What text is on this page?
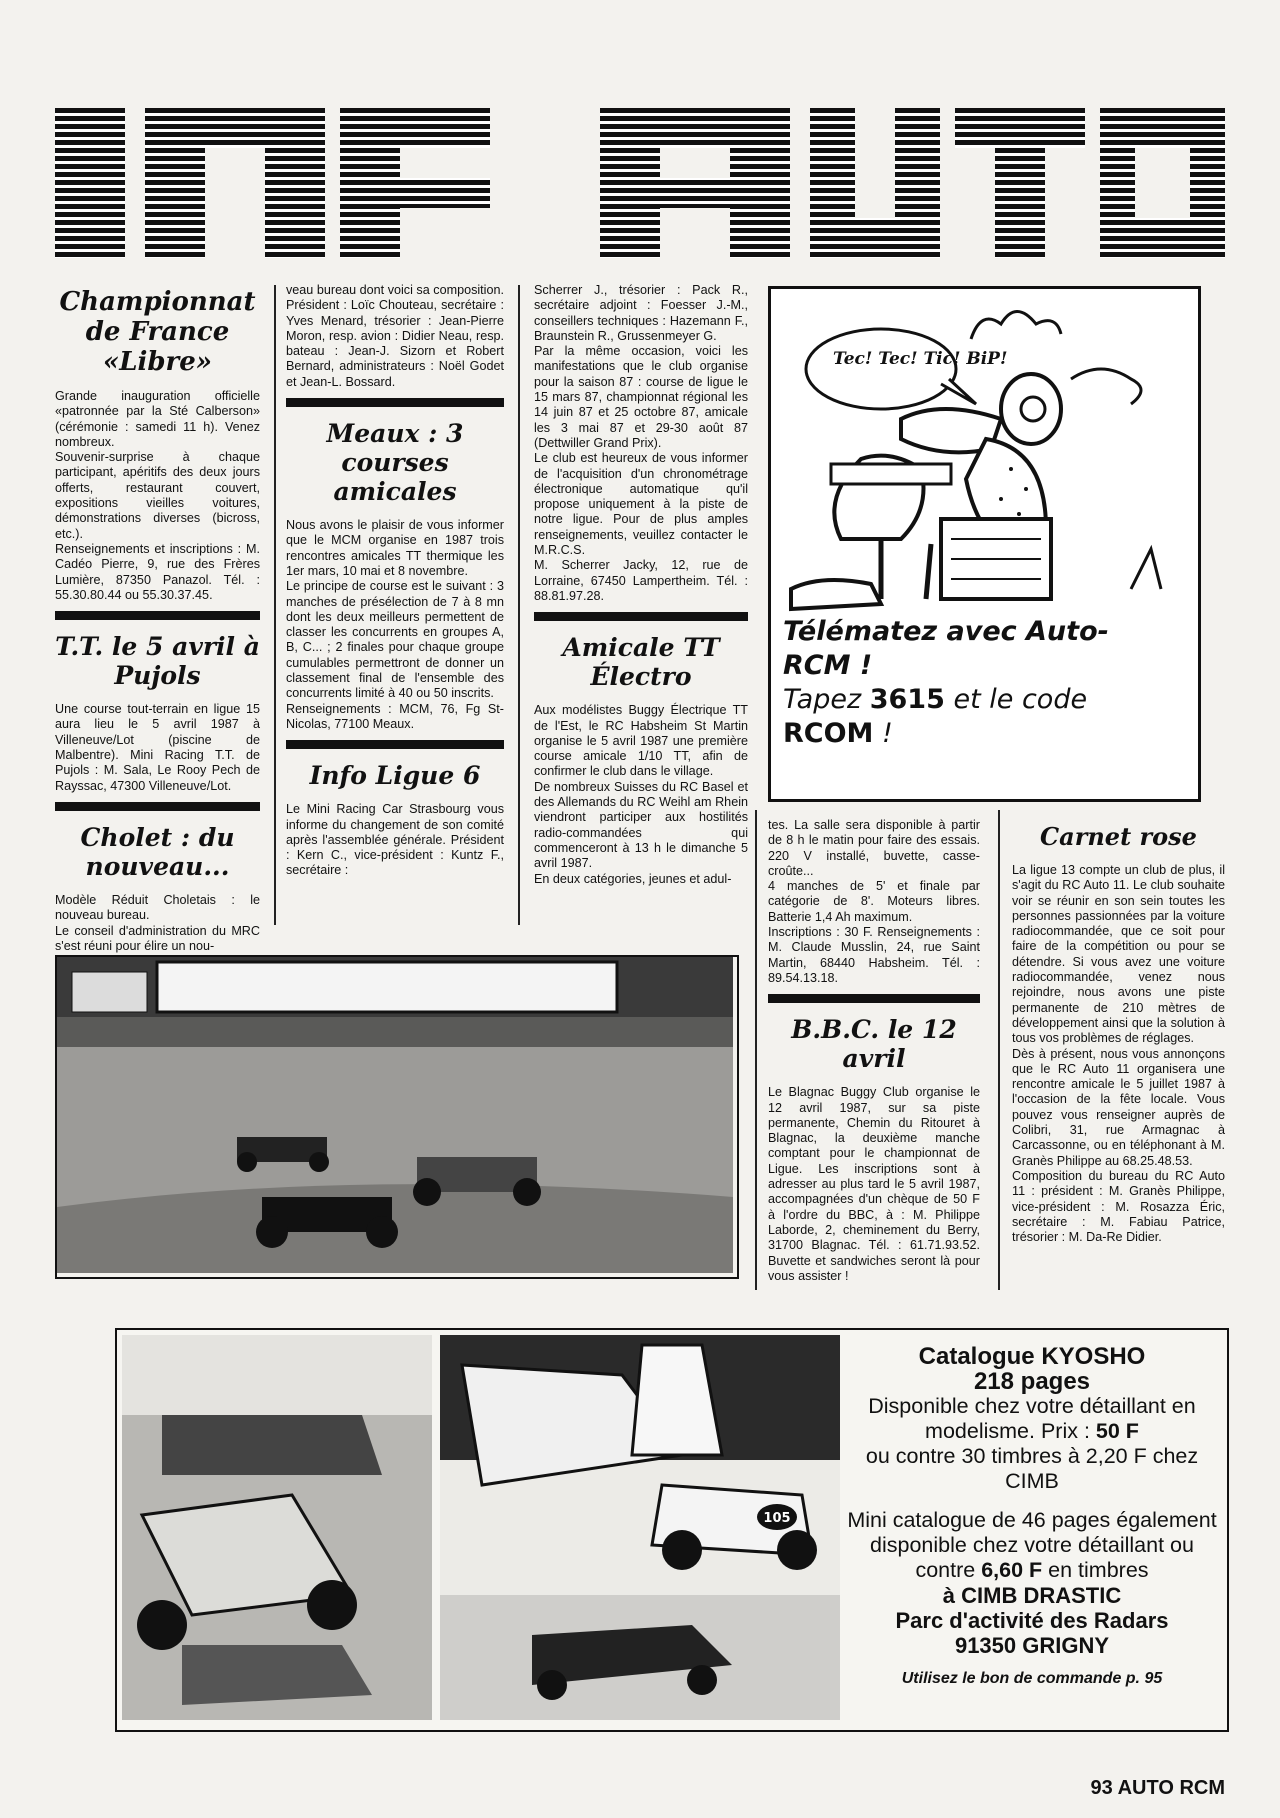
Championnat de France «Libre»

Grande inauguration officielle «patronnée par la Sté Calberson» (cérémonie : samedi 11 h). Venez nombreux.

Souvenir-surprise à chaque participant, apéritifs des deux jours offerts, restaurant couvert, expositions vieilles voitures, démonstrations diverses (bicross, etc.).

Renseignements et inscriptions : M. Cadéo Pierre, 9, rue des Frères Lumière, 87350 Panazol. Tél. : 55.30.80.44 ou 55.30.37.45.

T.T. le 5 avril à Pujols

Une course tout-terrain en ligue 15 aura lieu le 5 avril 1987 à Villeneuve/Lot (piscine de Malbentre). Mini Racing T.T. de Pujols : M. Sala, Le Rooy Pech de Rayssac, 47300 Villeneuve/Lot.

Cholet : du nouveau...

Modèle Réduit Choletais : le nouveau bureau.

Le conseil d'administration du MRC s'est réuni pour élire un nou-

veau bureau dont voici sa composition. Président : Loïc Chouteau, secrétaire : Yves Menard, trésorier : Jean-Pierre Moron, resp. avion : Didier Neau, resp. bateau : Jean-J. Sizorn et Robert Bernard, administrateurs : Noël Godet et Jean-L. Bossard.

Meaux : 3 courses amicales

Nous avons le plaisir de vous informer que le MCM organise en 1987 trois rencontres amicales TT thermique les 1er mars, 10 mai et 8 novembre.

Le principe de course est le suivant : 3 manches de présélection de 7 à 8 mn dont les deux meilleurs permettent de classer les concurrents en groupes A, B, C... ; 2 finales pour chaque groupe cumulables permettront de donner un classement final de l'ensemble des concurrents limité à 40 ou 50 inscrits.

Renseignements : MCM, 76, Fg St-Nicolas, 77100 Meaux.

Info Ligue 6

Le Mini Racing Car Strasbourg vous informe du changement de son comité après l'assemblée générale. Président : Kern C., vice-président : Kuntz F., secrétaire :

Scherrer J., trésorier : Pack R., secrétaire adjoint : Foesser J.-M., conseillers techniques : Hazemann F., Braunstein R., Grussenmeyer G.

Par la même occasion, voici les manifestations que le club organise pour la saison 87 : course de ligue le 15 mars 87, championnat régional les 14 juin 87 et 25 octobre 87, amicale les 3 mai 87 et 29-30 août 87 (Dettwiller Grand Prix).

Le club est heureux de vous informer de l'acquisition d'un chronométrage électronique automatique qu'il propose uniquement à la piste de notre ligue. Pour de plus amples renseignements, veuillez contacter le M.R.C.S.

M. Scherrer Jacky, 12, rue de Lorraine, 67450 Lampertheim. Tél. : 88.81.97.28.

Amicale TT Électro

Aux modélistes Buggy Électrique TT de l'Est, le RC Habsheim St Martin organise le 5 avril 1987 une première course amicale 1/10 TT, afin de confirmer le club dans le village.

De nombreux Suisses du RC Basel et des Allemands du RC Weihl am Rhein viendront participer aux hostilités radio-commandées qui commenceront à 13 h le dimanche 5 avril 1987.

En deux catégories, jeunes et adul-

Tec! Tec! Tic! BiP!
Télématez avec Auto-
RCM !
Tapez 3615 et le code
RCOM !

tes. La salle sera disponible à partir de 8 h le matin pour faire des essais. 220 V installé, buvette, casse-croûte...

4 manches de 5' et finale par catégorie de 8'. Moteurs libres. Batterie 1,4 Ah maximum.

Inscriptions : 30 F. Renseignements : M. Claude Musslin, 24, rue Saint Martin, 68440 Habsheim. Tél. : 89.54.13.18.

B.B.C. le 12 avril

Le Blagnac Buggy Club organise le 12 avril 1987, sur sa piste permanente, Chemin du Ritouret à Blagnac, la deuxième manche comptant pour le championnat de Ligue. Les inscriptions sont à adresser au plus tard le 5 avril 1987, accompagnées d'un chèque de 50 F à l'ordre du BBC, à : M. Philippe Laborde, 2, cheminement du Berry, 31700 Blagnac. Tél. : 61.71.93.52. Buvette et sandwiches seront là pour vous assister !

Carnet rose

La ligue 13 compte un club de plus, il s'agit du RC Auto 11. Le club souhaite voir se réunir en son sein toutes les personnes passionnées par la voiture radiocommandée, que ce soit pour faire de la compétition ou pour se détendre. Si vous avez une voiture radiocommandée, venez nous rejoindre, nous avons une piste permanente de 210 mètres de développement ainsi que la solution à tous vos problèmes de réglages.

Dès à présent, nous vous annonçons que le RC Auto 11 organisera une rencontre amicale le 5 juillet 1987 à l'occasion de la fête locale. Vous pouvez vous renseigner auprès de Colibri, 31, rue Armagnac à Carcassonne, ou en téléphonant à M. Granès Philippe au 68.25.48.53.

Composition du bureau du RC Auto 11 : président : M. Granès Philippe, vice-président : M. Rosazza Éric, secrétaire : M. Fabiau Patrice, trésorier : M. Da-Re Didier.

105
Catalogue KYOSHO
218 pages
Disponible chez votre détaillant en modelisme. Prix : 50 F
ou contre 30 timbres à 2,20 F chez CIMB
Mini catalogue de 46 pages également disponible chez votre détaillant ou contre 6,60 F en timbres
à CIMB DRASTIC
Parc d'activité des Radars
91350 GRIGNY
Utilisez le bon de commande p. 95
93 AUTO RCM
